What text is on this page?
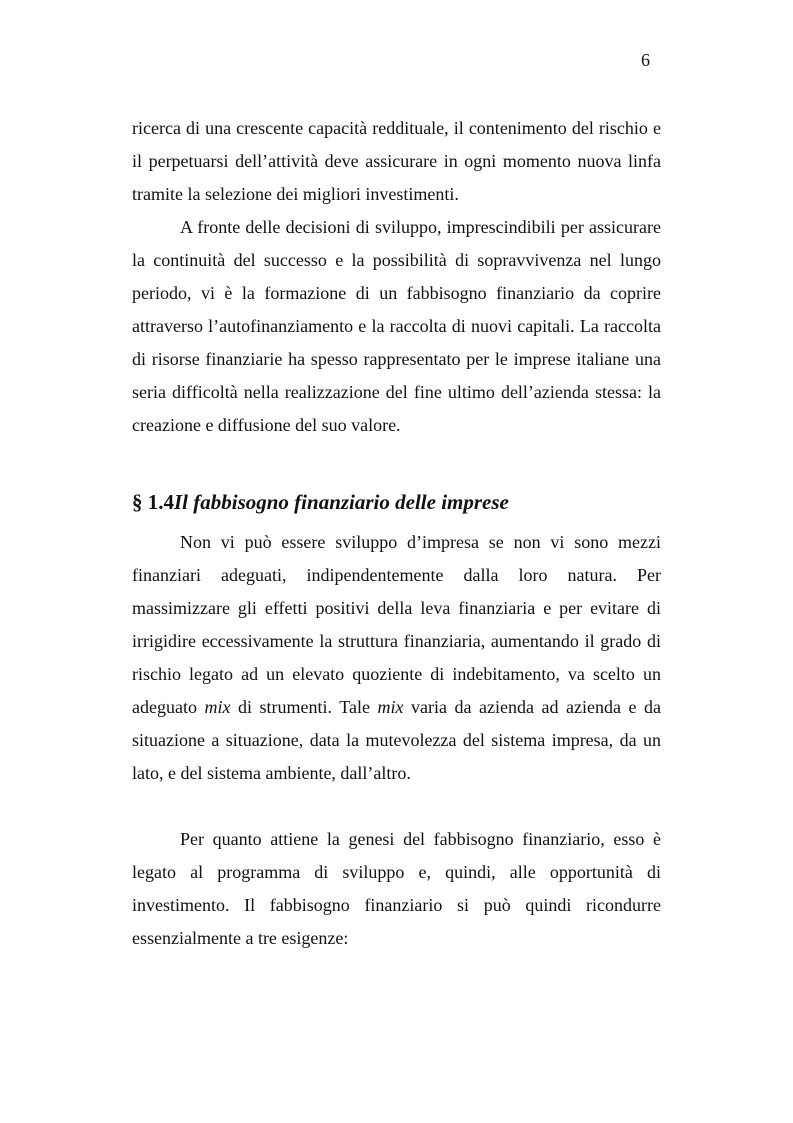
6

ricerca di una crescente capacità reddituale, il contenimento del rischio e il perpetuarsi dell’attività deve assicurare in ogni momento nuova linfa tramite la selezione dei migliori investimenti.

A fronte delle decisioni di sviluppo, imprescindibili per assicurare la continuità del successo e la possibilità di sopravvivenza nel lungo periodo, vi è la formazione di un fabbisogno finanziario da coprire attraverso l’autofinanziamento e la raccolta di nuovi capitali. La raccolta di risorse finanziarie ha spesso rappresentato per le imprese italiane una seria difficoltà nella realizzazione del fine ultimo dell’azienda stessa: la creazione e diffusione del suo valore.

§ 1.4Il fabbisogno finanziario delle imprese

Non vi può essere sviluppo d’impresa se non vi sono mezzi finanziari adeguati, indipendentemente dalla loro natura. Per massimizzare gli effetti positivi della leva finanziaria e per evitare di irrigidire eccessivamente la struttura finanziaria, aumentando il grado di rischio legato ad un elevato quoziente di indebitamento, va scelto un adeguato mix di strumenti. Tale mix varia da azienda ad azienda e da situazione a situazione, data la mutevolezza del sistema impresa, da un lato, e del sistema ambiente, dall’altro.

Per quanto attiene la genesi del fabbisogno finanziario, esso è legato al programma di sviluppo e, quindi, alle opportunità di investimento. Il fabbisogno finanziario si può quindi ricondurre essenzialmente a tre esigenze:
